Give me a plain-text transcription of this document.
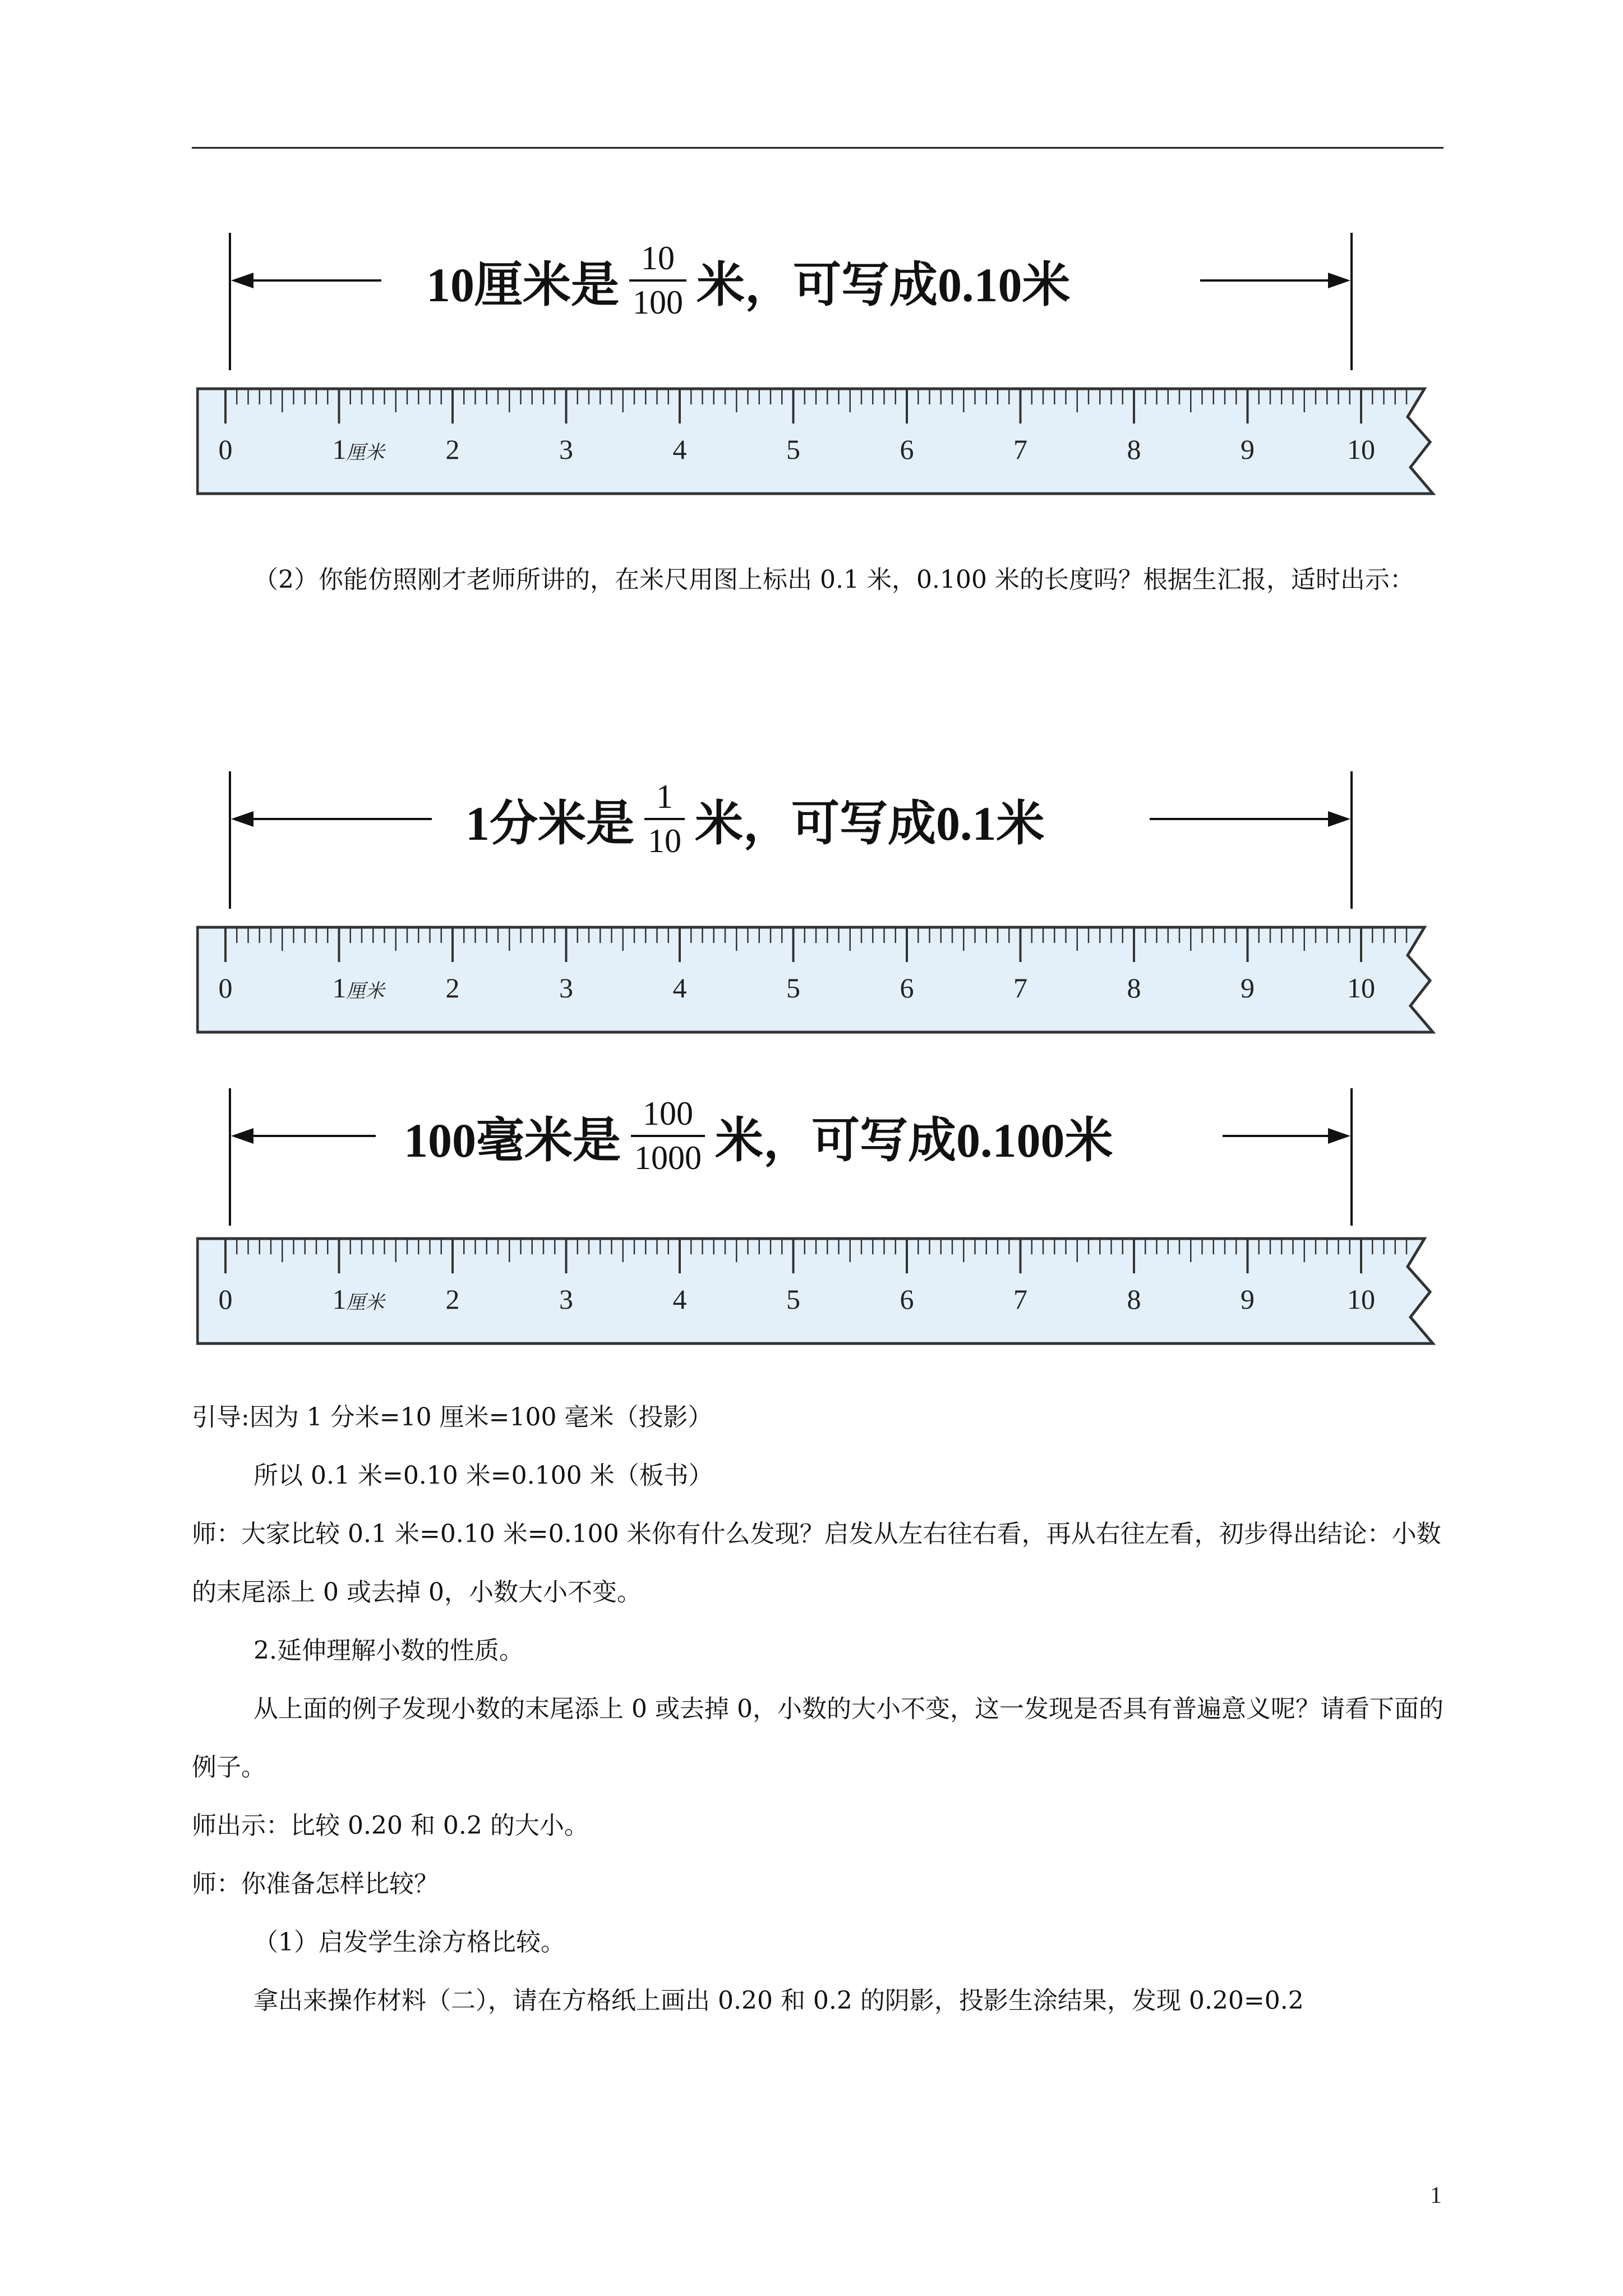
10厘米是 $\frac{10}{100}$ 米，可写成0.10米
0	1厘米 2	3	4	5	6	7	8	9	10

（2）你能仿照刚才老师所讲的，在米尺用图上标出 0.1 米，0.100 米的长度吗？根据生汇报，适时出示：

1分米是 $\frac{1}{10}$ 米，可写成0.1米
0	1厘米 2	3	4	5	6	7	8	9	10
100毫米是 $\frac{100}{1000}$ 米，可写成0.100米
0	1厘米 2	3	4	5	6	7	8	9	10

引导:因为 1 分米=10 厘米=100 毫米（投影）

所以 0.1 米=0.10 米=0.100 米（板书）

师：大家比较 0.1 米=0.10 米=0.100 米你有什么发现？启发从左右往右看，再从右往左看，初步得出结论：小数的末尾添上 0 或去掉 0，小数大小不变。

2.延伸理解小数的性质。

从上面的例子发现小数的末尾添上 0 或去掉 0，小数的大小不变，这一发现是否具有普遍意义呢？请看下面的例子。

师出示：比较 0.20 和 0.2 的大小。

师：你准备怎样比较？

（1）启发学生涂方格比较。

拿出来操作材料（二），请在方格纸上画出 0.20 和 0.2 的阴影，投影生涂结果，发现 0.20=0.2

1
